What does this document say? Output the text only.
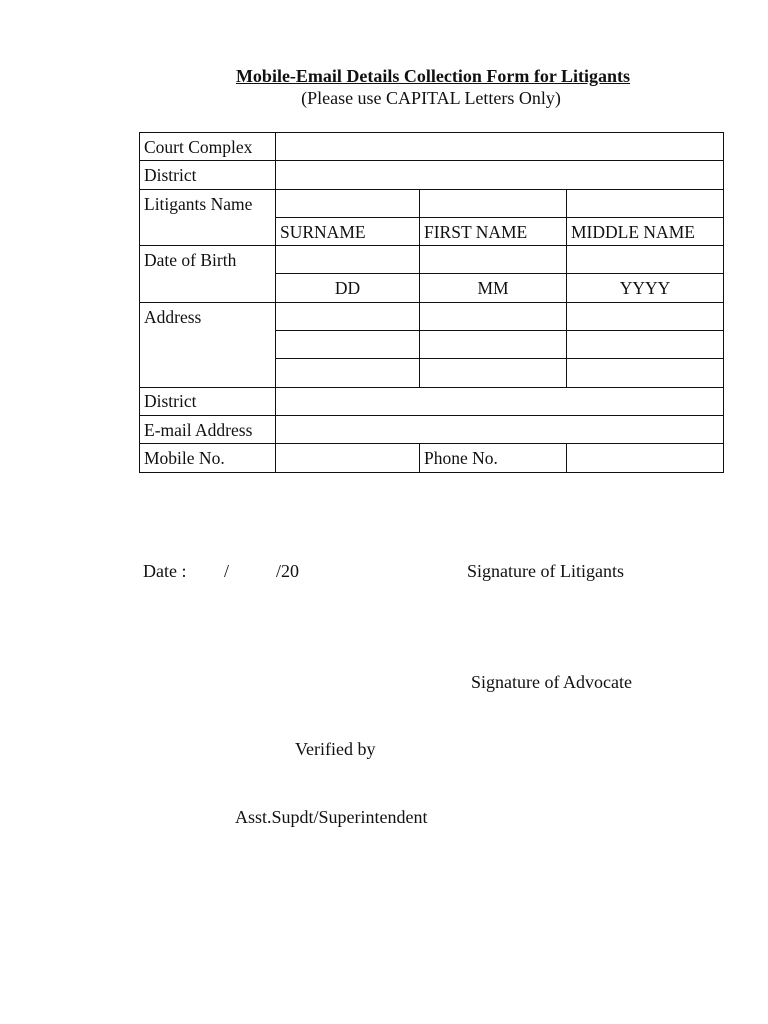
Mobile-Email Details Collection Form for Litigants
(Please use CAPITAL Letters Only)
Court Complex			
District			
Litigants Name			
	SURNAME	FIRST NAME	MIDDLE NAME
Date of Birth			
	DD	MM	YYYY
Address			

District			
E-mail Address			
Mobile No.		Phone No.	
Date : /	/20	Signature of Litigants
Signature of Advocate
Verified by
Asst.Supdt/Superintendent
